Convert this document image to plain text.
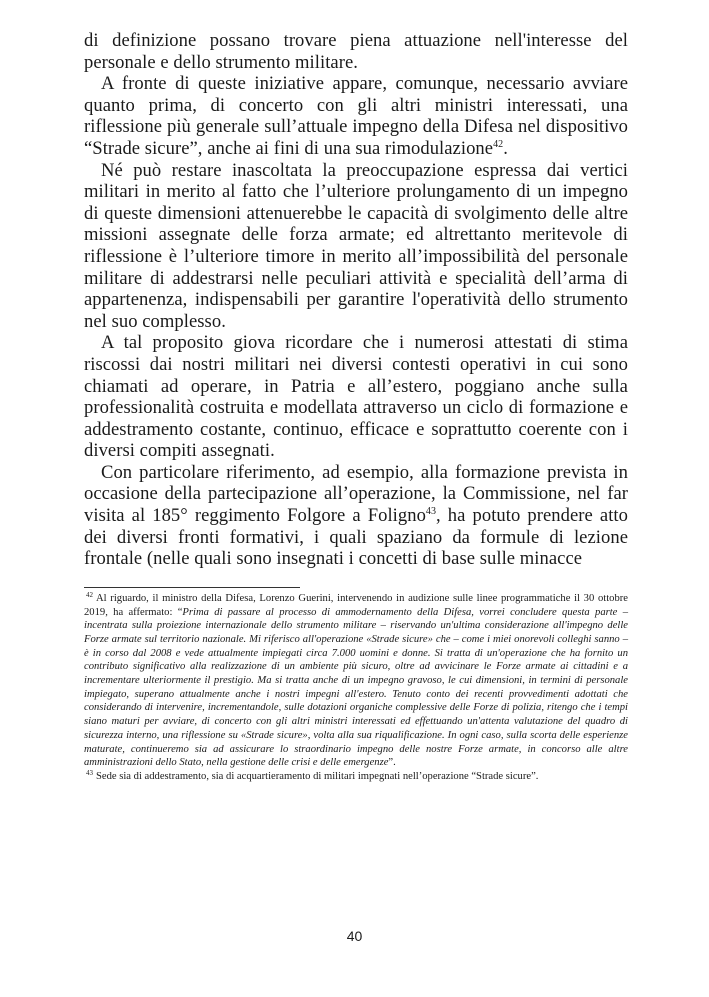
di definizione possano trovare piena attuazione nell'interesse del personale e dello strumento militare.

A fronte di queste iniziative appare, comunque, necessario avviare quanto prima, di concerto con gli altri ministri interessati, una riflessione più generale sull’attuale impegno della Difesa nel dispositivo “Strade sicure”, anche ai fini di una sua rimodulazione$^{42}$.

Né può restare inascoltata la preoccupazione espressa dai vertici militari in merito al fatto che l’ulteriore prolungamento di un impegno di queste dimensioni attenuerebbe le capacità di svolgimento delle altre missioni assegnate delle forza armate; ed altrettanto meritevole di riflessione è l’ulteriore timore in merito all’impossibilità del personale militare di addestrarsi nelle peculiari attività e specialità dell’arma di appartenenza, indispensabili per garantire l'operatività dello strumento nel suo complesso.

A tal proposito giova ricordare che i numerosi attestati di stima riscossi dai nostri militari nei diversi contesti operativi in cui sono chiamati ad operare, in Patria e all’estero, poggiano anche sulla professionalità costruita e modellata attraverso un ciclo di formazione e addestramento costante, continuo, efficace e soprattutto coerente con i diversi compiti assegnati.

Con particolare riferimento, ad esempio, alla formazione prevista in occasione della partecipazione all’operazione, la Commissione, nel far visita al 185° reggimento Folgore a Foligno$^{43}$, ha potuto prendere atto dei diversi fronti formativi, i quali spaziano da formule di lezione frontale (nelle quali sono insegnati i concetti di base sulle minacce

$^{42}$ Al riguardo, il ministro della Difesa, Lorenzo Guerini, intervenendo in audizione sulle linee programmatiche il 30 ottobre 2019, ha affermato: “Prima di passare al processo di ammodernamento della Difesa, vorrei concludere questa parte – incentrata sulla proiezione internazionale dello strumento militare – riservando un'ultima considerazione all'impegno delle Forze armate sul territorio nazionale. Mi riferisco all'operazione «Strade sicure» che – come i miei onorevoli colleghi sanno – è in corso dal 2008 e vede attualmente impiegati circa 7.000 uomini e donne. Si tratta di un'operazione che ha fornito un contributo significativo alla realizzazione di un ambiente più sicuro, oltre ad avvicinare le Forze armate ai cittadini e a incrementare ulteriormente il prestigio. Ma si tratta anche di un impegno gravoso, le cui dimensioni, in termini di personale impiegato, superano attualmente anche i nostri impegni all'estero. Tenuto conto dei recenti provvedimenti adottati che considerando di intervenire, incrementandole, sulle dotazioni organiche complessive delle Forze di polizia, ritengo che i tempi siano maturi per avviare, di concerto con gli altri ministri interessati ed effettuando un'attenta valutazione del quadro di sicurezza interno, una riflessione su «Strade sicure», volta alla sua riqualificazione. In ogni caso, sulla scorta delle esperienze maturate, continueremo sia ad assicurare lo straordinario impegno delle nostre Forze armate, in concorso alle altre amministrazioni dello Stato, nella gestione delle crisi e delle emergenze”.

$^{43}$ Sede sia di addestramento, sia di acquartieramento di militari impegnati nell’operazione “Strade sicure”.

40
